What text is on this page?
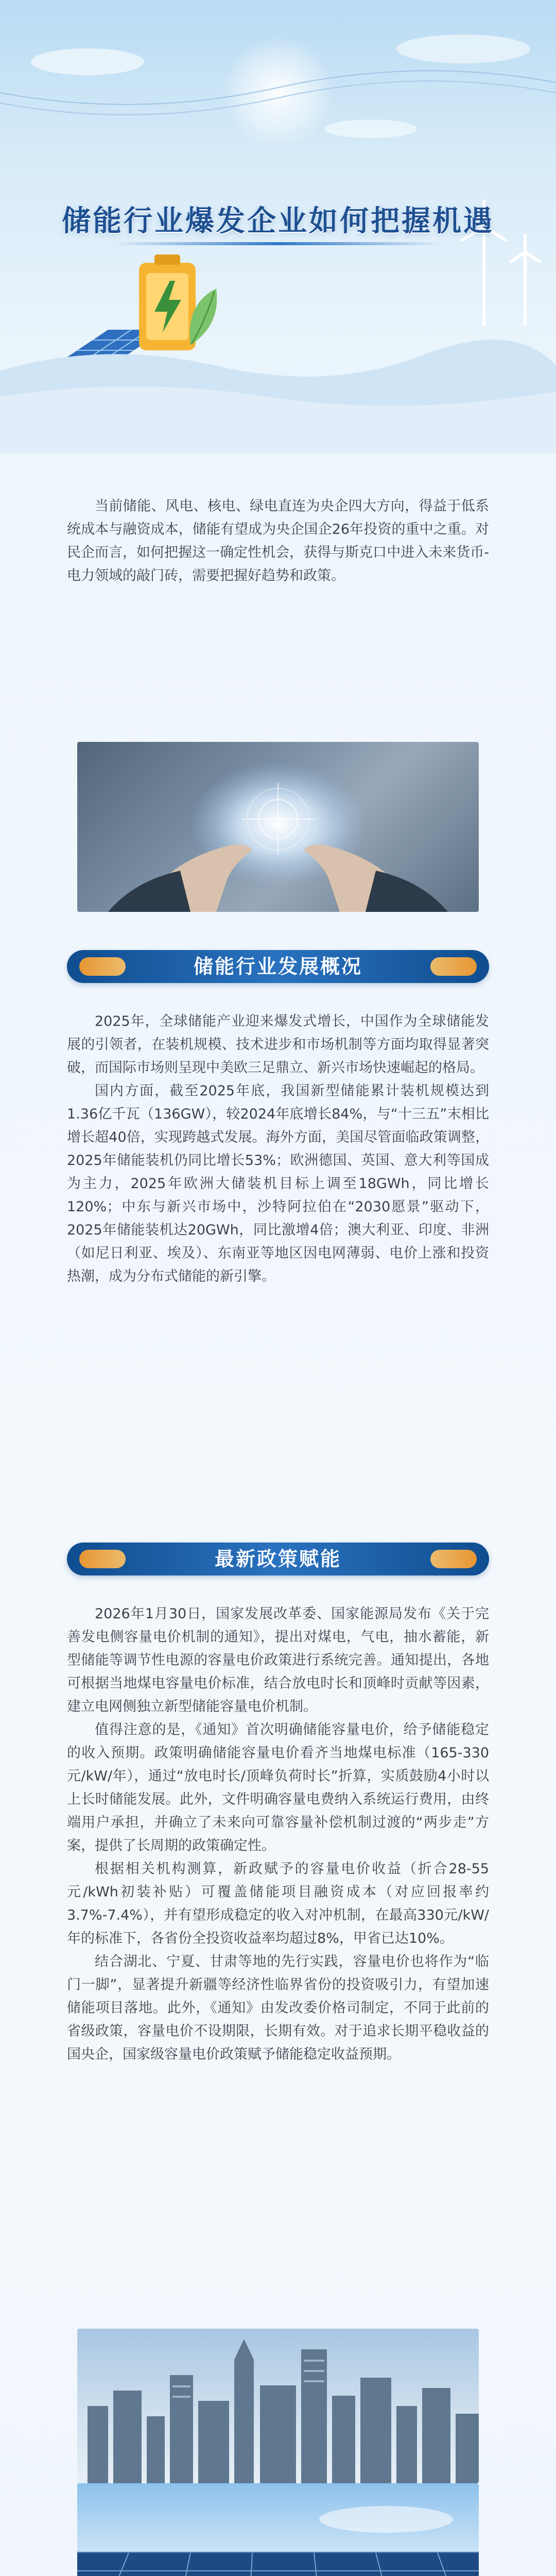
储能行业爆发企业如何把握机遇

当前储能、风电、核电、绿电直连为央企四大方向，得益于低系统成本与融资成本，储能有望成为央企国企26年投资的重中之重。对民企而言，如何把握这一确定性机会，获得与斯克口中进入未来货币-电力领域的敲门砖，需要把握好趋势和政策。

储能行业发展概况

2025年，全球储能产业迎来爆发式增长，中国作为全球储能发展的引领者，在装机规模、技术进步和市场机制等方面均取得显著突破，而国际市场则呈现中美欧三足鼎立、新兴市场快速崛起的格局。

国内方面，截至2025年底，我国新型储能累计装机规模达到1.36亿千瓦（136GW），较2024年底增长84%，与“十三五”末相比增长超40倍，实现跨越式发展。海外方面，美国尽管面临政策调整，2025年储能装机仍同比增长53%；欧洲德国、英国、意大利等国成为主力，2025年欧洲大储装机目标上调至18GWh，同比增长120%；中东与新兴市场中，沙特阿拉伯在“2030愿景”驱动下，2025年储能装机达20GWh，同比激增4倍；澳大利亚、印度、非洲（如尼日利亚、埃及）、东南亚等地区因电网薄弱、电价上涨和投资热潮，成为分布式储能的新引擎。

最新政策赋能

2026年1月30日，国家发展改革委、国家能源局发布《关于完善发电侧容量电价机制的通知》，提出对煤电，气电，抽水蓄能，新型储能等调节性电源的容量电价政策进行系统完善。通知提出，各地可根据当地煤电容量电价标准，结合放电时长和顶峰时贡献等因素，建立电网侧独立新型储能容量电价机制。

值得注意的是，《通知》首次明确储能容量电价，给予储能稳定的收入预期。政策明确储能容量电价看齐当地煤电标准（165-330元/kW/年），通过“放电时长/顶峰负荷时长”折算，实质鼓励4小时以上长时储能发展。此外，文件明确容量电费纳入系统运行费用，由终端用户承担，并确立了未来向可靠容量补偿机制过渡的“两步走”方案，提供了长周期的政策确定性。

根据相关机构测算，新政赋予的容量电价收益（折合28-55元/kWh初装补贴）可覆盖储能项目融资成本（对应回报率约3.7%-7.4%），并有望形成稳定的收入对冲机制，在最高330元/kW/年的标准下，各省份全投资收益率均超过8%，甲省已达10%。

结合湖北、宁夏、甘肃等地的先行实践，容量电价也将作为“临门一脚”，显著提升新疆等经济性临界省份的投资吸引力，有望加速储能项目落地。此外，《通知》由发改委价格司制定，不同于此前的省级政策，容量电价不设期限，长期有效。对于追求长期平稳收益的国央企，国家级容量电价政策赋予储能稳定收益预期。
